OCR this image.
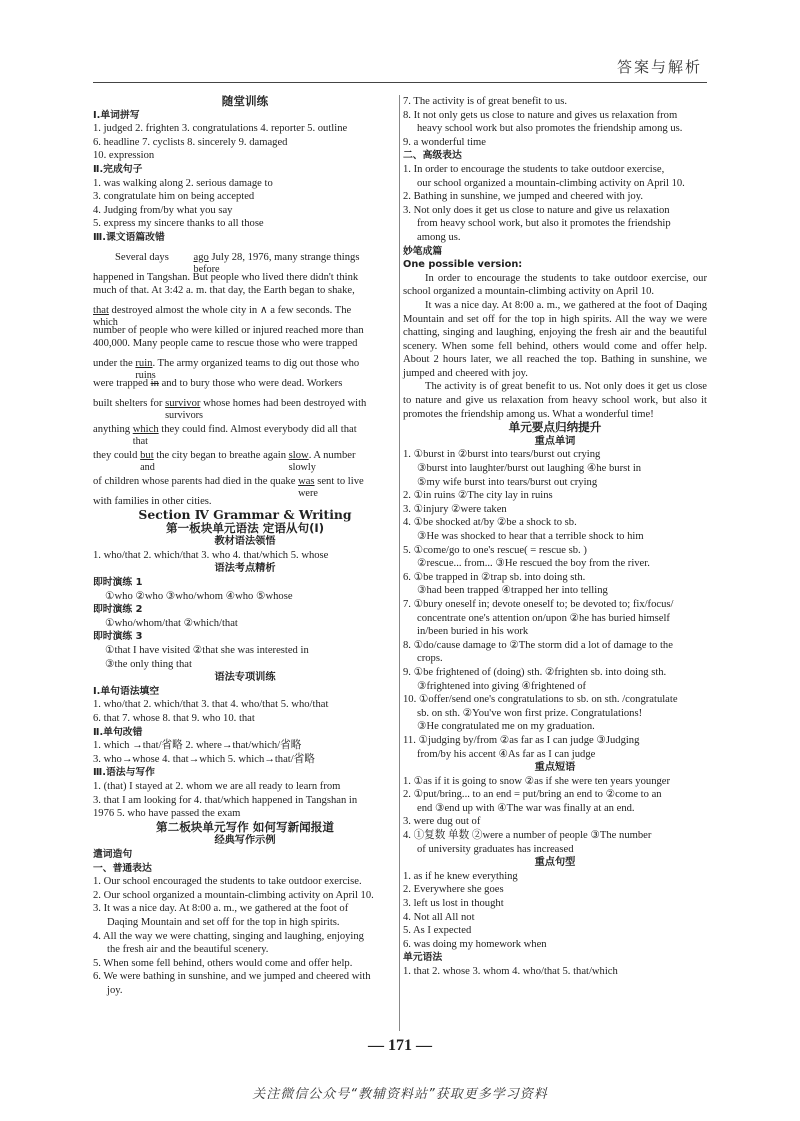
答案与解析
随堂训练
Ⅰ.单词拼写
1. judged 2. frighten 3. congratulations 4. reporter 5. outline
6. headline 7. cyclists 8. sincerely 9. damaged
10. expression
Ⅱ.完成句子
1. was walking along 2. serious damage to
3. congratulate him on being accepted
4. Judging from/by what you say
5. express my sincere thanks to all those
Ⅲ.课文语篇改错
Several days ago
before
July 28, 1976, many strange things
happened in Tangshan. But people who lived there didn't think
much of that. At 3:42 a. m. that day, the Earth began to shake,
that
which
destroyed almost the whole city in ∧ a few seconds. The
number of people who were killed or injured reached more than
400,000. Many people came to rescue those who were trapped
under the ruin
ruins
. The army organized teams to dig out those who
were trapped in and to bury those who were dead. Workers
built shelters for survivor
survivors
whose homes had been destroyed with
anything which
that
they could find. Almost everybody did all that
they could but
and
the city began to breathe again slow
slowly
. A number
of children whose parents had died in the quake was
were
sent to live
with families in other cities.
Section Ⅳ Grammar & Writing
第一板块单元语法 定语从句(Ⅰ)
教材语法领悟
1. who/that 2. which/that 3. who 4. that/which 5. whose
语法考点精析
即时演练 1
①who ②who ③who/whom ④who ⑤whose
即时演练 2
①who/whom/that ②which/that
即时演练 3
①that I have visited ②that she was interested in
③the only thing that
语法专项训练
Ⅰ.单句语法填空
1. who/that 2. which/that 3. that 4. who/that 5. who/that
6. that 7. whose 8. that 9. who 10. that
Ⅱ.单句改错
1. which →that/省略 2. where→that/which/省略
3. who→whose 4. that→which 5. which→that/省略
Ⅲ.语法与写作
1. (that) I stayed at 2. whom we are all ready to learn from
3. that I am looking for 4. that/which happened in Tangshan in
1976 5. who have passed the exam
第二板块单元写作 如何写新闻报道
经典写作示例
遣词造句
一、普通表达
1. Our school encouraged the students to take outdoor exercise.
2. Our school organized a mountain-climbing activity on April 10.
3. It was a nice day. At 8:00 a. m., we gathered at the foot of
Daqing Mountain and set off for the top in high spirits.
4. All the way we were chatting, singing and laughing, enjoying
the fresh air and the beautiful scenery.
5. When some fell behind, others would come and offer help.
6. We were bathing in sunshine, and we jumped and cheered with
joy.
7. The activity is of great benefit to us.
8. It not only gets us close to nature and gives us relaxation from
heavy school work but also promotes the friendship among us.
9. a wonderful time
二、高级表达
1. In order to encourage the students to take outdoor exercise,
our school organized a mountain-climbing activity on April 10.
2. Bathing in sunshine, we jumped and cheered with joy.
3. Not only does it get us close to nature and give us relaxation
from heavy school work, but also it promotes the friendship
among us.
妙笔成篇
One possible version:
In order to encourage the students to take outdoor exercise, our school organized a mountain-climbing activity on April 10.
It was a nice day. At 8:00 a. m., we gathered at the foot of Daqing Mountain and set off for the top in high spirits. All the way we were chatting, singing and laughing, enjoying the fresh air and the beautiful scenery. When some fell behind, others would come and offer help. About 2 hours later, we all reached the top. Bathing in sunshine, we jumped and cheered with joy.
The activity is of great benefit to us. Not only does it get us close to nature and give us relaxation from heavy school work, but also it promotes the friendship among us. What a wonderful time!
单元要点归纳提升
重点单词
1. ①burst in ②burst into tears/burst out crying
③burst into laughter/burst out laughing ④he burst in
⑤my wife burst into tears/burst out crying
2. ①in ruins ②The city lay in ruins
3. ①injury ②were taken
4. ①be shocked at/by ②be a shock to sb.
③He was shocked to hear that a terrible shock to him
5. ①come/go to one's rescue( = rescue sb. )
②rescue... from... ③He rescued the boy from the river.
6. ①be trapped in ②trap sb. into doing sth.
③had been trapped ④trapped her into telling
7. ①bury oneself in; devote oneself to; be devoted to; fix/focus/
concentrate one's attention on/upon ②he has buried himself
in/been buried in his work
8. ①do/cause damage to ②The storm did a lot of damage to the
crops.
9. ①be frightened of (doing) sth. ②frighten sb. into doing sth.
③frightened into giving ④frightened of
10. ①offer/send one's congratulations to sb. on sth. /congratulate
sb. on sth. ②You've won first prize. Congratulations!
③He congratulated me on my graduation.
11. ①judging by/from ②as far as I can judge ③Judging
from/by his accent ④As far as I can judge
重点短语
1. ①as if it is going to snow ②as if she were ten years younger
2. ①put/bring... to an end = put/bring an end to ②come to an
end ③end up with ④The war was finally at an end.
3. were dug out of
4. ①复数 单数 ②were a number of people ③The number
of university graduates has increased
重点句型
1. as if he knew everything
2. Everywhere she goes
3. left us lost in thought
4. Not all All not
5. As I expected
6. was doing my homework when
单元语法
1. that 2. whose 3. whom 4. who/that 5. that/which
— 171 —
关注微信公众号“教辅资料站”获取更多学习资料
